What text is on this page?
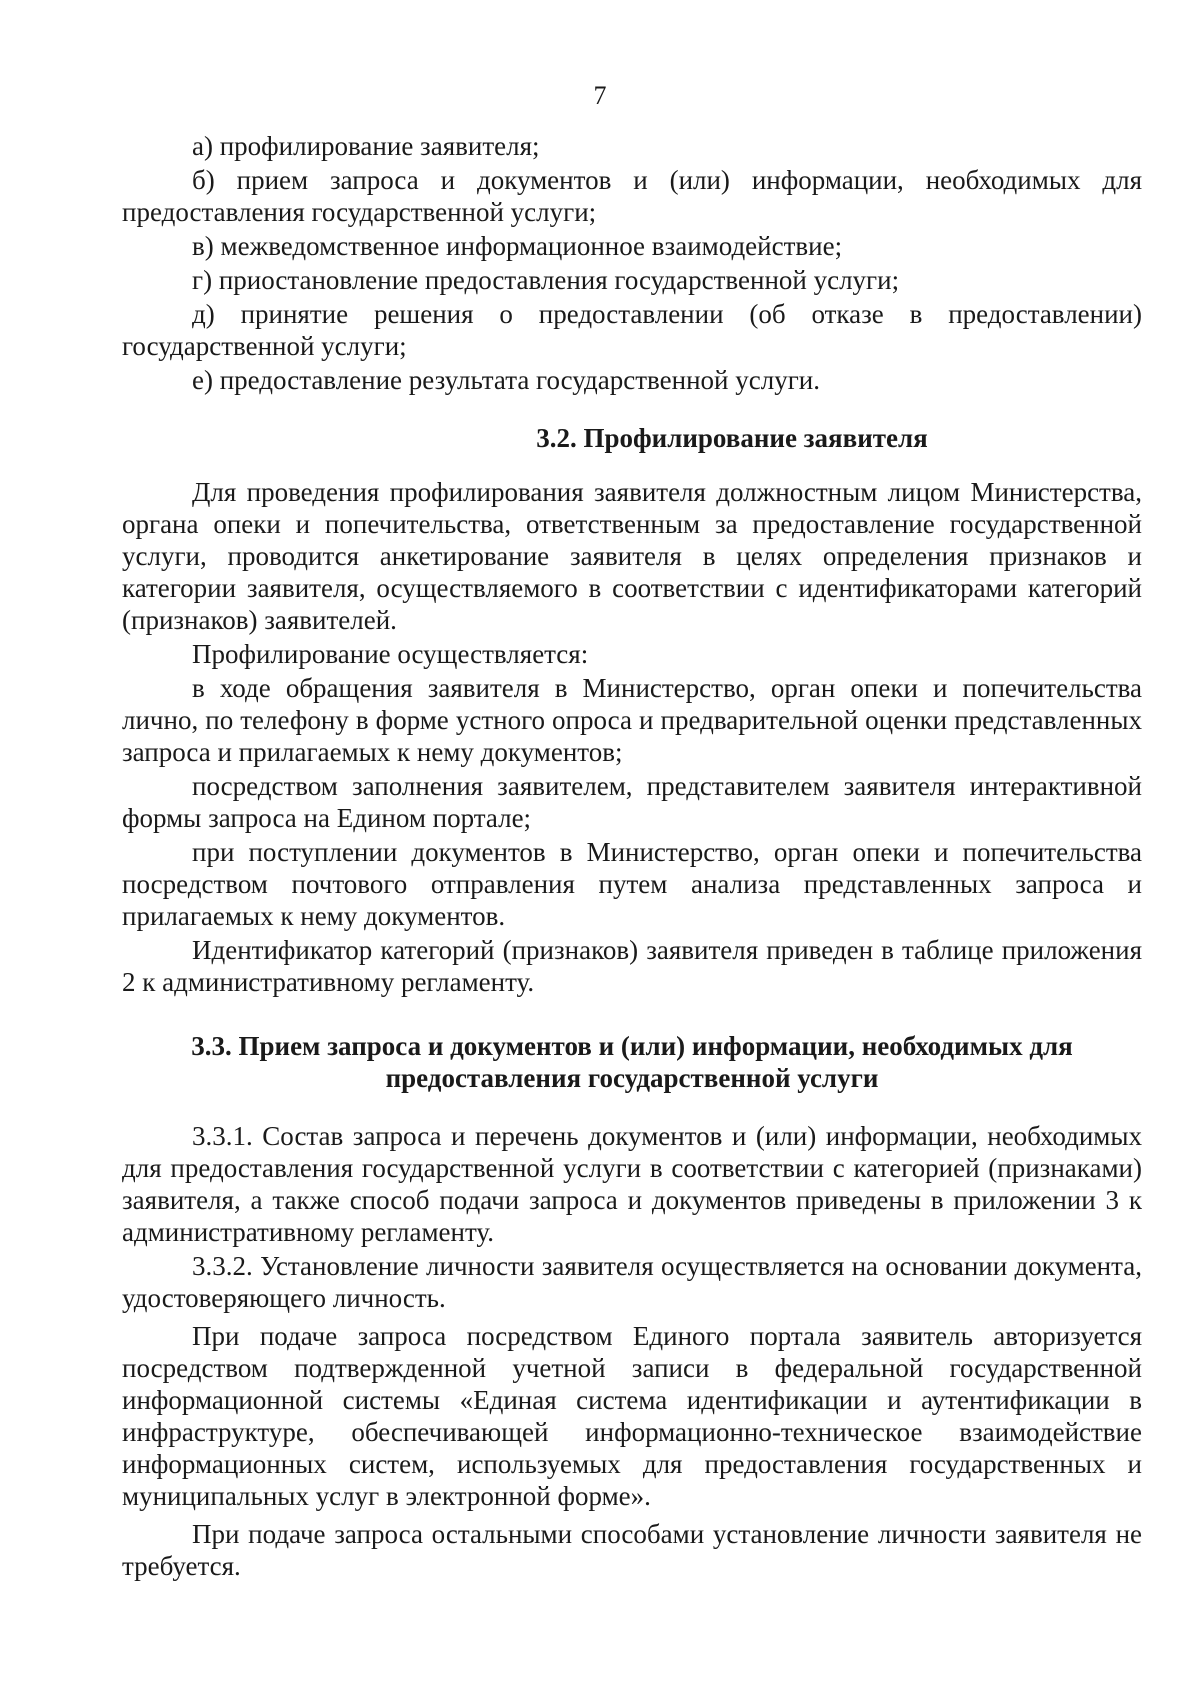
7

а) профилирование заявителя;

б) прием запроса и документов и (или) информации, необходимых для предоставления государственной услуги;

в) межведомственное информационное взаимодействие;

г) приостановление предоставления государственной услуги;

д) принятие решения о предоставлении (об отказе в предоставлении) государственной услуги;

е) предоставление результата государственной услуги.

3.2. Профилирование заявителя

Для проведения профилирования заявителя должностным лицом Министерства, органа опеки и попечительства, ответственным за предоставление государственной услуги, проводится анкетирование заявителя в целях определения признаков и категории заявителя, осуществляемого в соответствии с идентификаторами категорий (признаков) заявителей.

Профилирование осуществляется:

в ходе обращения заявителя в Министерство, орган опеки и попечительства лично, по телефону в форме устного опроса и предварительной оценки представленных запроса и прилагаемых к нему документов;

посредством заполнения заявителем, представителем заявителя интерактивной формы запроса на Едином портале;

при поступлении документов в Министерство, орган опеки и попечительства посредством почтового отправления путем анализа представленных запроса и прилагаемых к нему документов.

Идентификатор категорий (признаков) заявителя приведен в таблице приложения 2 к административному регламенту.

3.3. Прием запроса и документов и (или) информации, необходимых для предоставления государственной услуги

3.3.1. Состав запроса и перечень документов и (или) информации, необходимых для предоставления государственной услуги в соответствии с категорией (признаками) заявителя, а также способ подачи запроса и документов приведены в приложении 3 к административному регламенту.

3.3.2. Установление личности заявителя осуществляется на основании документа, удостоверяющего личность.

При подаче запроса посредством Единого портала заявитель авторизуется посредством подтвержденной учетной записи в федеральной государственной информационной системы «Единая система идентификации и аутентификации в инфраструктуре, обеспечивающей информационно-техническое взаимодействие информационных систем, используемых для предоставления государственных и муниципальных услуг в электронной форме».

При подаче запроса остальными способами установление личности заявителя не требуется.
